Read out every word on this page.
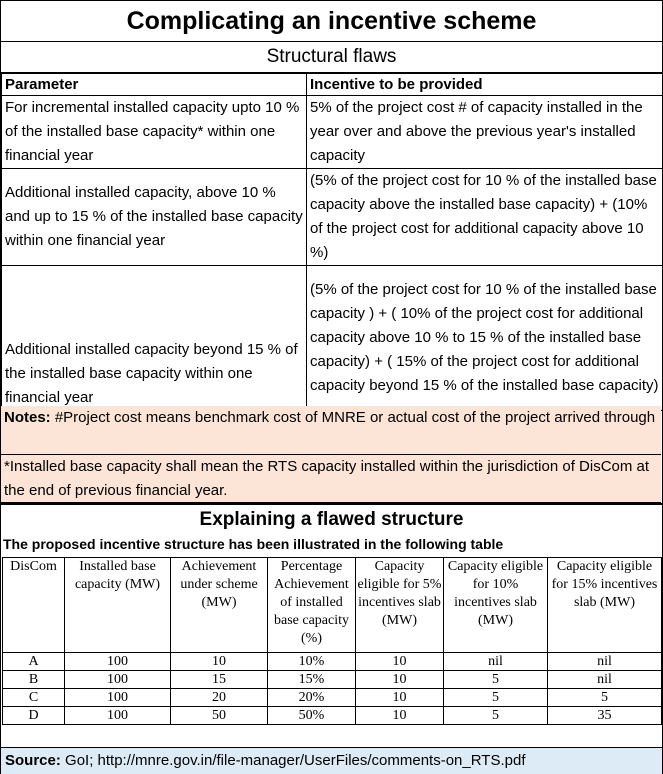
Complicating an incentive scheme
Structural flaws
Parameter	Incentive to be provided
For incremental installed capacity upto 10 % of the installed base capacity* within one financial year	5% of the project cost # of capacity installed in the year over and above the previous year's installed capacity
Additional installed capacity, above 10 % and up to 15 % of the installed base capacity within one financial year	(5% of the project cost for 10 % of the installed base capacity above the installed base capacity) + (10% of the project cost for additional capacity above 10 %)
Additional installed capacity beyond 15 % of the installed base capacity within one financial year	(5% of the project cost for 10 % of the installed base capacity ) + ( 10% of the project cost for additional capacity above 10 % to 15 % of the installed base capacity) + ( 15% of the project cost for additional capacity beyond 15 % of the installed base capacity)
Notes: #Project cost means benchmark cost of MNRE or actual cost of the project arrived through
*Installed base capacity shall mean the RTS capacity installed within the jurisdiction of DisCom at the end of previous financial year.
Explaining a flawed structure
The proposed incentive structure has been illustrated in the following table
DisCom	Installed base capacity (MW)	Achievement under scheme (MW)	Percentage Achievement of installed base capacity (%)	Capacity eligible for 5% incentives slab (MW)	Capacity eligible for 10% incentives slab (MW)	Capacity eligible for 15% incentives slab (MW)
A	100	10	10%	10	nil	nil
B	100	15	15%	10	5	nil
C	100	20	20%	10	5	5
D	100	50	50%	10	5	35
Source: GoI; http://mnre.gov.in/file-manager/UserFiles/comments-on_RTS.pdf
